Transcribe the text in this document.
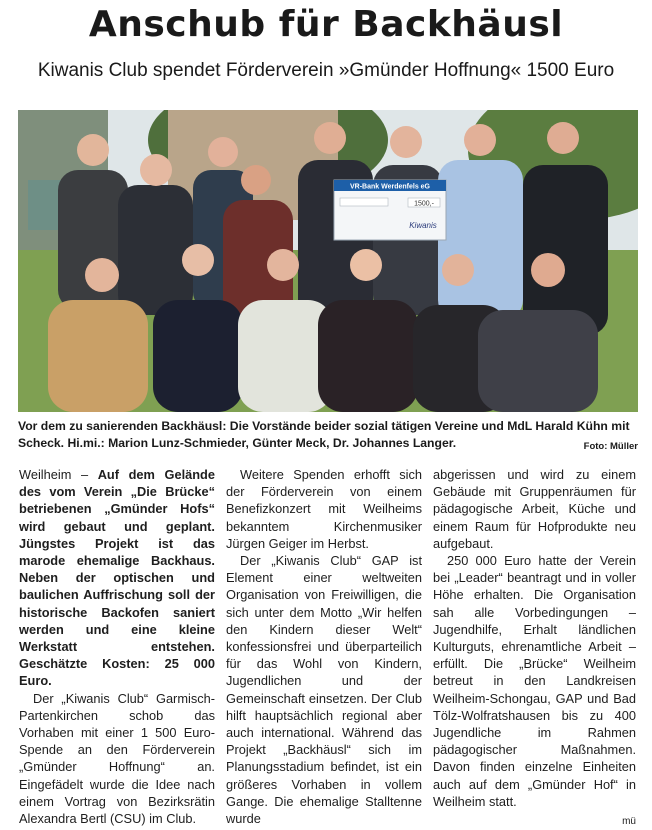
Anschub für Backhäusl
Kiwanis Club spendet Förderverein »Gmünder Hoffnung« 1500 Euro
VR-Bank Werdenfels eG
1500,-
Kiwanis
Vor dem zu sanierenden Backhäusl: Die Vorstände beider sozial tätigen Vereine und MdL Harald Kühn mit Scheck. Hi.mi.: Marion Lunz-Schmieder, Günter Meck, Dr. Johannes Langer.	Foto: Müller

Weilheim – Auf dem Gelände des vom Verein „Die Brücke“ betriebenen „Gmünder Hofs“ wird gebaut und geplant. Jüngstes Projekt ist das marode ehemalige Backhaus. Neben der optischen und baulichen Auffrischung soll der historische Backofen saniert werden und eine kleine Werkstatt entstehen. Geschätzte Kosten: 25 000 Euro.

Der „Kiwanis Club“ Garmisch-Partenkirchen schob das Vorhaben mit einer 1 500 Euro-Spende an den Förderverein „Gmünder Hoffnung“ an. Eingefädelt wurde die Idee nach einem Vortrag von Bezirksrätin Alexandra Bertl (CSU) im Club.

Weitere Spenden erhofft sich der Förderverein von einem Benefizkonzert mit Weilheims bekanntem Kirchenmusiker Jürgen Geiger im Herbst.

Der „Kiwanis Club“ GAP ist Element einer weltweiten Organisation von Freiwilligen, die sich unter dem Motto „Wir helfen den Kindern dieser Welt“ konfessionsfrei und überparteilich für das Wohl von Kindern, Jugendlichen und der Gemeinschaft einsetzen. Der Club hilft hauptsächlich regional aber auch international. Während das Projekt „Backhäusl“ sich im Planungsstadium befindet, ist ein größeres Vorhaben in vollem Gange. Die ehemalige Stalltenne wurde

abgerissen und wird zu einem Gebäude mit Gruppenräumen für pädagogische Arbeit, Küche und einem Raum für Hofprodukte neu aufgebaut.

250 000 Euro hatte der Verein bei „Leader“ beantragt und in voller Höhe erhalten. Die Organisation sah alle Vorbedingungen – Jugendhilfe, Erhalt ländlichen Kulturguts, ehrenamtliche Arbeit – erfüllt. Die „Brücke“ Weilheim betreut in den Landkreisen Weilheim-Schongau, GAP und Bad Tölz-Wolfratshausen bis zu 400 Jugendliche im Rahmen pädagogischer Maßnahmen. Davon finden einzelne Einheiten auch auf dem „Gmünder Hof“ in Weilheim statt.

mü
